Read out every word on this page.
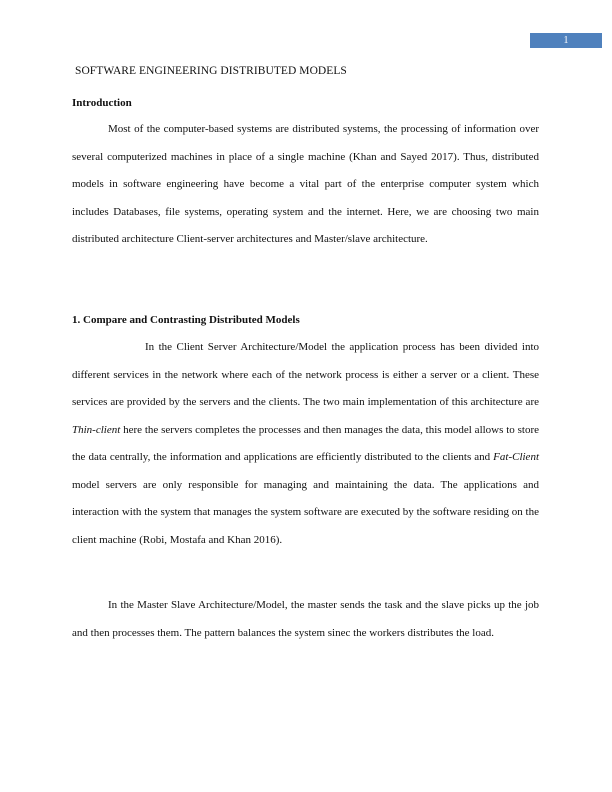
1
SOFTWARE ENGINEERING DISTRIBUTED MODELS
Introduction

Most of the computer-based systems are distributed systems, the processing of information over several computerized machines in place of a single machine (Khan and Sayed 2017). Thus, distributed models in software engineering have become a vital part of the enterprise computer system which includes Databases, file systems, operating system and the internet. Here, we are choosing two main distributed architecture Client-server architectures and Master/slave architecture.

1. Compare and Contrasting Distributed Models

In the Client Server Architecture/Model the application process has been divided into different services in the network where each of the network process is either a server or a client. These services are provided by the servers and the clients. The two main implementation of this architecture are Thin-client here the servers completes the processes and then manages the data, this model allows to store the data centrally, the information and applications are efficiently distributed to the clients and Fat-Client model servers are only responsible for managing and maintaining the data. The applications and interaction with the system that manages the system software are executed by the software residing on the client machine (Robi, Mostafa and Khan 2016).

In the Master Slave Architecture/Model, the master sends the task and the slave picks up the job and then processes them. The pattern balances the system sinec the workers distributes the load.
